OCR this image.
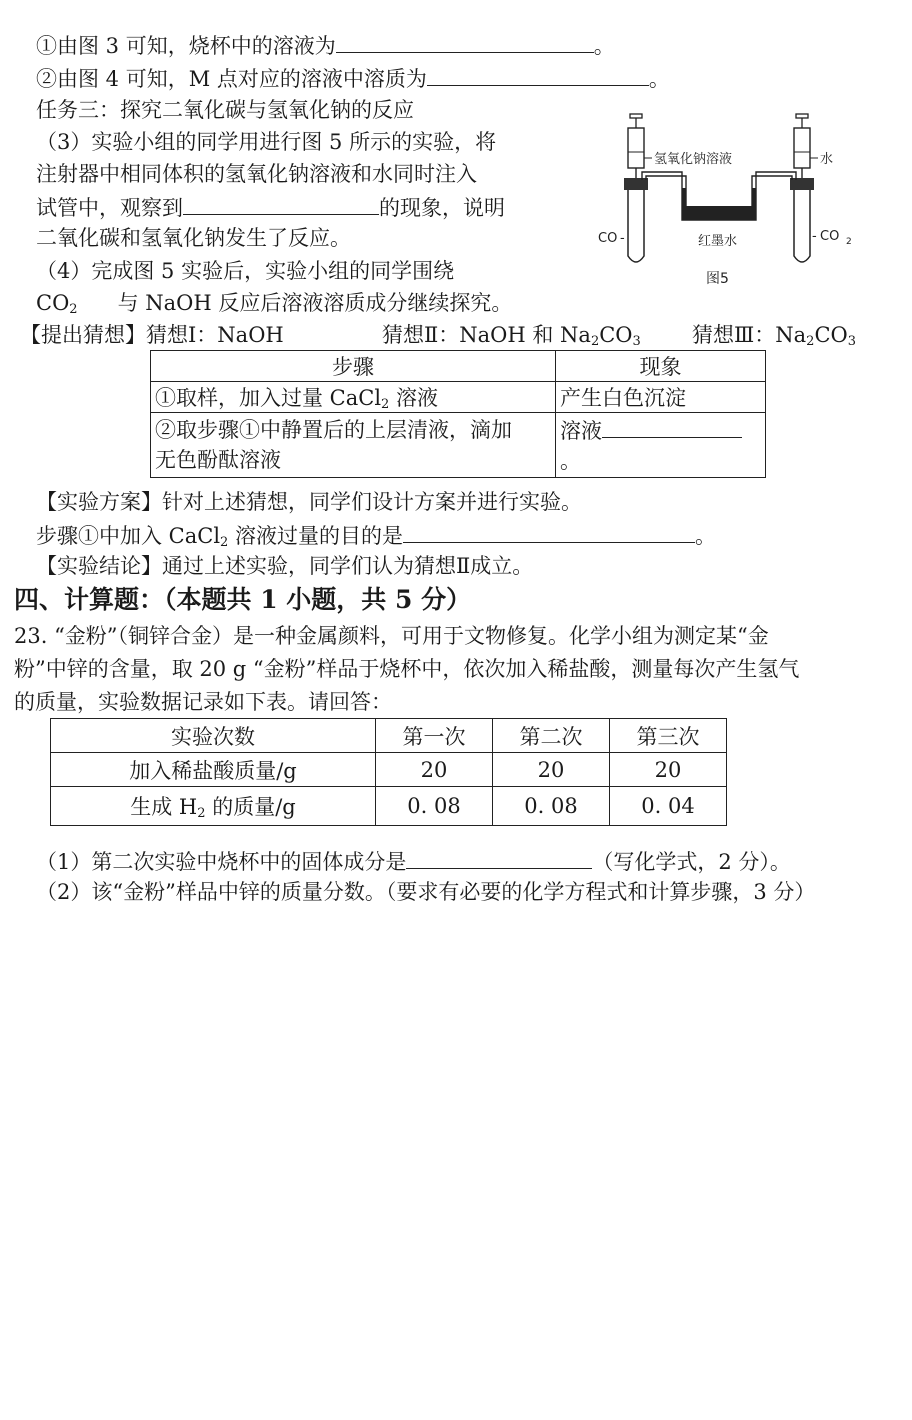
①由图 3 可知，烧杯中的溶液为	。
②由图 4 可知，M 点对应的溶液中溶质为	。
任务三：探究二氧化碳与氢氧化钠的反应
（3）实验小组的同学用进行图 5 所示的实验，将
注射器中相同体积的氢氧化钠溶液和水同时注入
试管中，观察到	的现象，说明
二氧化碳和氢氧化钠发生了反应。
（4）完成图 5 实验后，实验小组的同学围绕
$CO_2$ 与 NaOH 反应后溶液溶质成分继续探究。
【提出猜想】猜想Ⅰ：NaOH	猜想Ⅱ：NaOH 和 $Na_2CO_3$ 猜想Ⅲ：$Na_2CO_3$
氢氧化钠溶液	水
CO -	- CO 2
红墨水
图5
步骤	现象
①取样，加入过量 CaCl$_2$ 溶液	产生白色沉淀
②取步骤①中静置后的上层清液，滴加
无色酚酞溶液	溶液。
【实验方案】针对上述猜想，同学们设计方案并进行实验。
步骤①中加入 CaCl$_2$ 溶液过量的目的是	。
【实验结论】通过上述实验，同学们认为猜想Ⅱ成立。
四、计算题：（本题共 1 小题，共 5 分）
23. “金粉”（铜锌合金）是一种金属颜料，可用于文物修复。化学小组为测定某“金
粉”中锌的含量，取 20 g “金粉”样品于烧杯中，依次加入稀盐酸，测量每次产生氢气
的质量，实验数据记录如下表。请回答：
实验次数	第一次	第二次	第三次
加入稀盐酸质量/g	20	20	20
生成 $H_2$ 的质量/g	0. 08	0. 08	0. 04
（1）第二次实验中烧杯中的固体成分是	（写化学式，2 分）。
（2）该“金粉”样品中锌的质量分数。（要求有必要的化学方程式和计算步骤，3 分）
